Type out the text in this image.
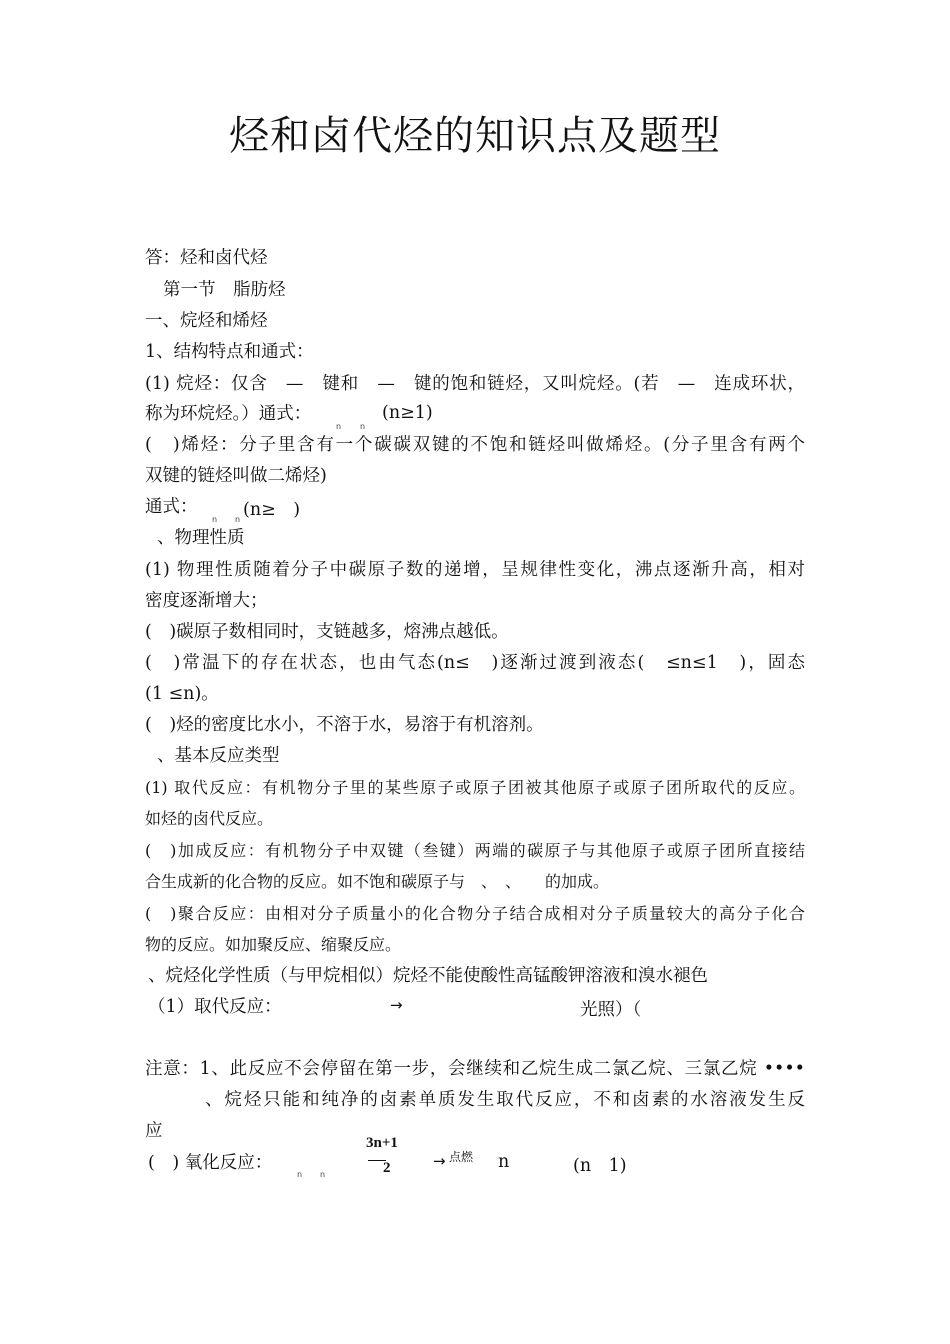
烃和卤代烃的知识点及题型
答：烃和卤代烃
第一节　脂肪烃
一、烷烃和烯烃
1、结构特点和通式：
(1) 烷烃：仅含　—　键和　—　键的饱和链烃，又叫烷烃。(若　—　连成环状，
称为环烷烃。）通式：
n n
(n≥1)
(　)烯烃：分子里含有一个碳碳双键的不饱和链烃叫做烯烃。(分子里含有两个
双键的链烃叫做二烯烃)
通式：
n n (n≥　)
、物理性质
(1) 物理性质随着分子中碳原子数的递增，呈规律性变化，沸点逐渐升高，相对
密度逐渐增大；
(　)碳原子数相同时，支链越多，熔沸点越低。
(　)常温下的存在状态，也由气态(n≤　)逐渐过渡到液态(　≤n≤1　)，固态
(1 ≤n)。
(　)烃的密度比水小，不溶于水，易溶于有机溶剂。
、基本反应类型
(1) 取代反应：有机物分子里的某些原子或原子团被其他原子或原子团所取代的反应。
如烃的卤代反应。
(　)加成反应：有机物分子中双键（叁键）两端的碳原子与其他原子或原子团所直接结
合生成新的化合物的反应。如不饱和碳原子与　、　、　　的加成。
(　)聚合反应：由相对分子质量小的化合物分子结合成相对分子质量较大的高分子化合
物的反应。如加聚反应、缩聚反应。
、烷烃化学性质（与甲烷相似）烷烃不能使酸性高锰酸钾溶液和溴水褪色
（1）取代反应：	→	光照）（
注意：1、此反应不会停留在第一步，会继续和乙烷生成二氯乙烷、三氯乙烷 ••••
、烷烃只能和纯净的卤素单质发生取代反应，不和卤素的水溶液发生反
应
(　) 氧化反应：
n n
3n+1
2	→ 点燃 n	(n　1)
